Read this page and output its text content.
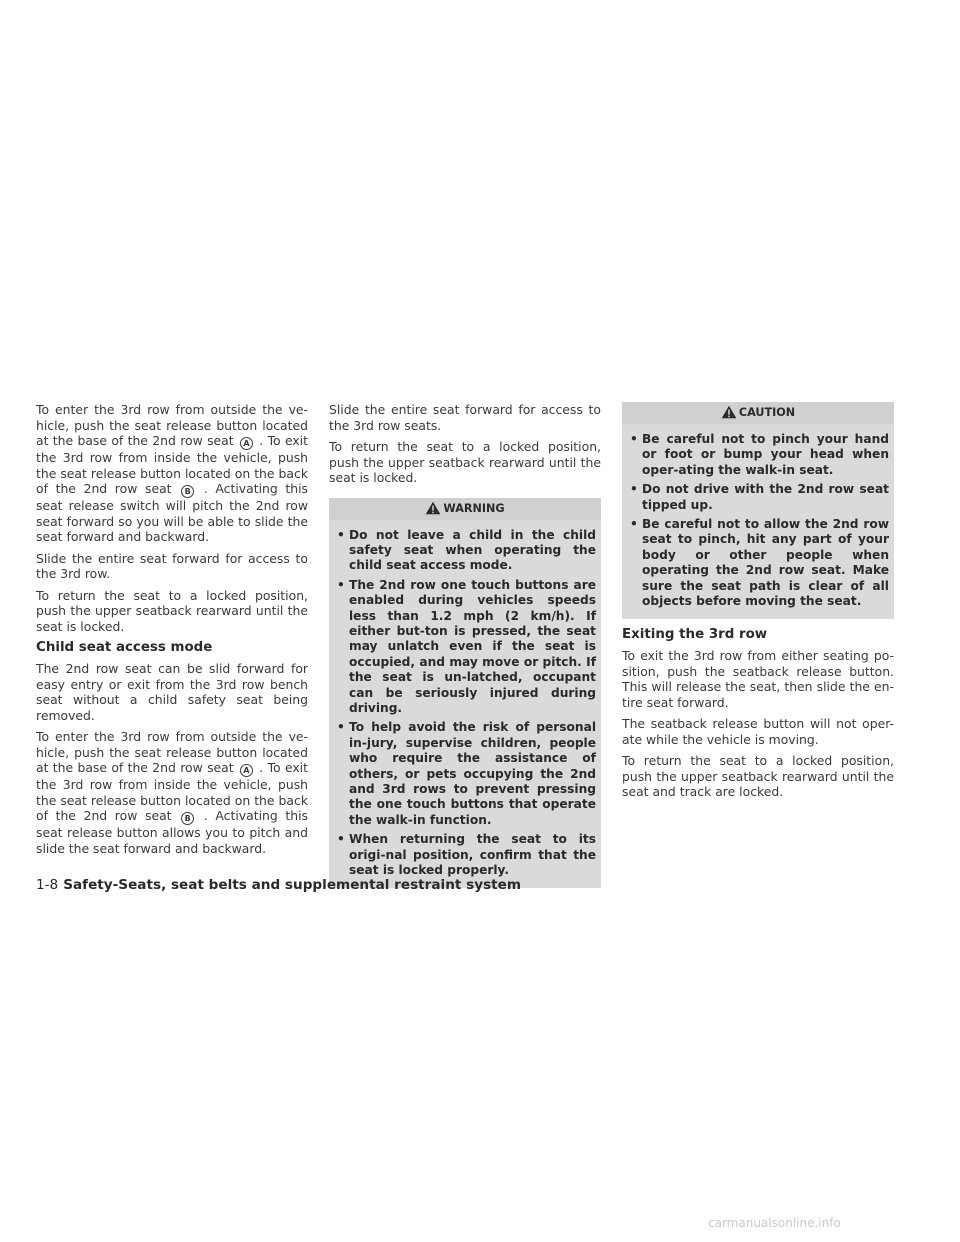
To enter the 3rd row from outside the ve-hicle, push the seat release button located at the base of the 2nd row seat A . To exit the 3rd row from inside the vehicle, push the seat release button located on the back of the 2nd row seat B . Activating this seat release switch will pitch the 2nd row seat forward so you will be able to slide the seat forward and backward.

Slide the entire seat forward for access to the 3rd row.

To return the seat to a locked position, push the upper seatback rearward until the seat is locked.

Child seat access mode

The 2nd row seat can be slid forward for easy entry or exit from the 3rd row bench seat without a child safety seat being removed.

To enter the 3rd row from outside the ve-hicle, push the seat release button located at the base of the 2nd row seat A . To exit the 3rd row from inside the vehicle, push the seat release button located on the back of the 2nd row seat B . Activating this seat release button allows you to pitch and slide the seat forward and backward.

Slide the entire seat forward for access to the 3rd row seats.

To return the seat to a locked position, push the upper seatback rearward until the seat is locked.

WARNING
• Do not leave a child in the child safety seat when operating the child seat access mode.
• The 2nd row one touch buttons are enabled during vehicles speeds less than 1.2 mph (2 km/h). If either but-ton is pressed, the seat may unlatch even if the seat is occupied, and may move or pitch. If the seat is un-latched, occupant can be seriously injured during driving.
• To help avoid the risk of personal in-jury, supervise children, people who require the assistance of others, or pets occupying the 2nd and 3rd rows to prevent pressing the one touch buttons that operate the walk-in function.
• When returning the seat to its origi-nal position, confirm that the seat is locked properly.
CAUTION
• Be careful not to pinch your hand or foot or bump your head when oper-ating the walk-in seat.
• Do not drive with the 2nd row seat tipped up.
• Be careful not to allow the 2nd row seat to pinch, hit any part of your body or other people when operating the 2nd row seat. Make sure the seat path is clear of all objects before moving the seat.
Exiting the 3rd row

To exit the 3rd row from either seating po-sition, push the seatback release button. This will release the seat, then slide the en-tire seat forward.

The seatback release button will not oper-ate while the vehicle is moving.

To return the seat to a locked position, push the upper seatback rearward until the seat and track are locked.

1-8 Safety-Seats, seat belts and supplemental restraint system
carmanualsonline.info
